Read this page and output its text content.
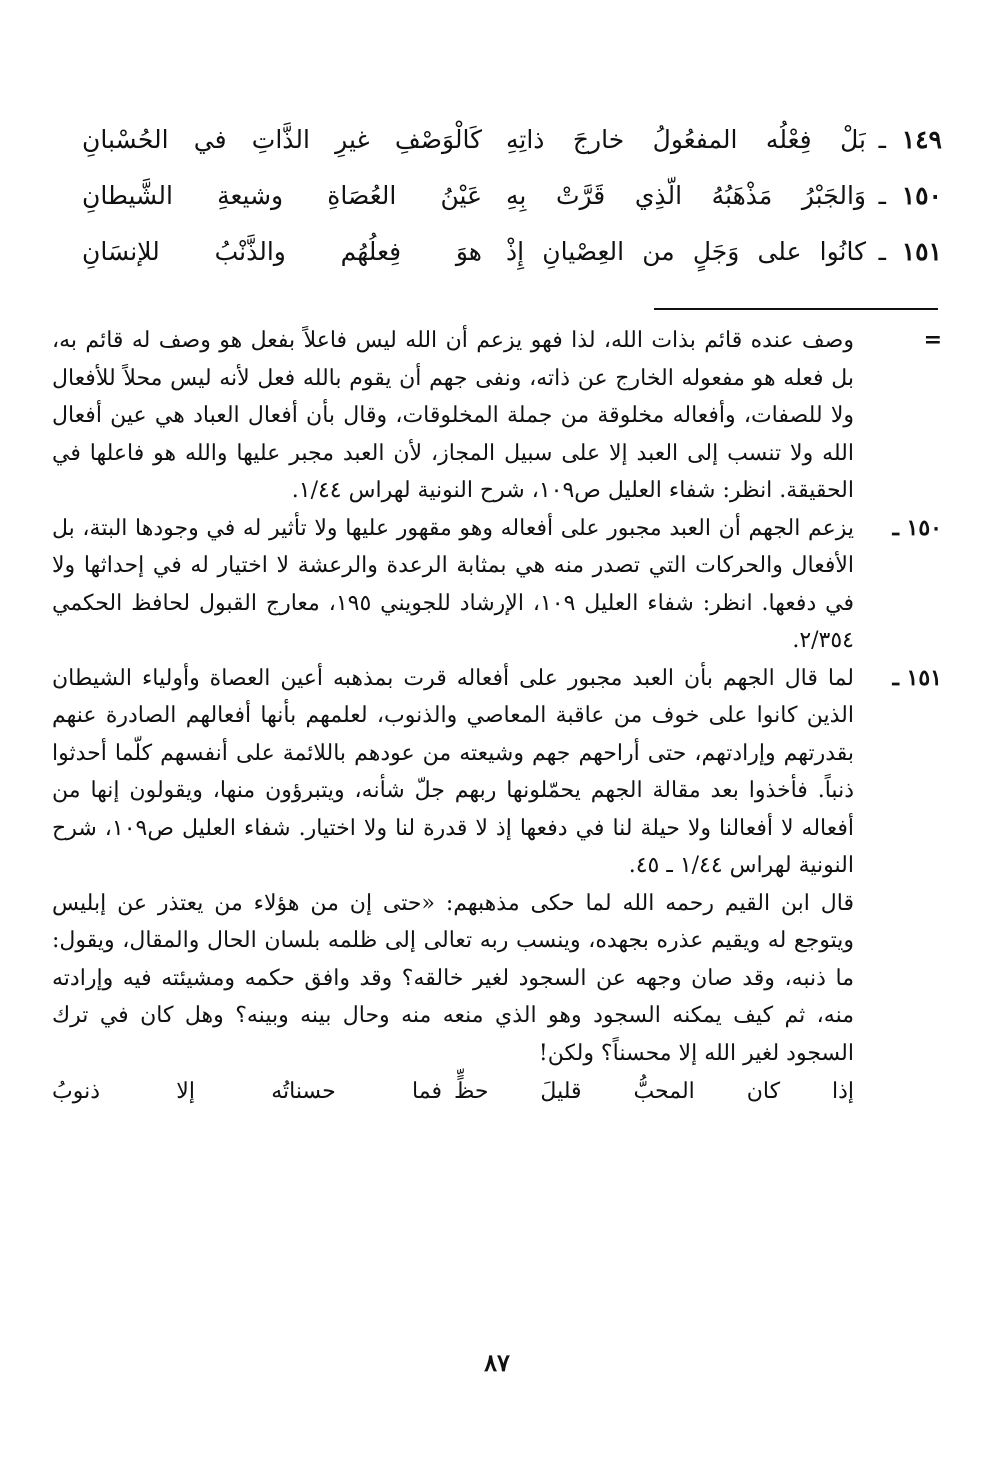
١٤٩
ـ
بَلْ فِعْلُه المفعُولُ خارجَ ذاتِهِ
كَالْوَصْفِ غيرِ الذَّاتِ في الحُسْبانِ
١٥٠
ـ
وَالجَبْرُ مَذْهَبُهُ الَّذِي قَرَّتْ بِهِ
عَيْنُ العُصَاةِ وشيعةِ الشَّيطانِ
١٥١
ـ
كانُوا على وَجَلٍ من العِصْيانِ إِذْ
هوَ فِعلُهُم والذَّنْبُ للإنسَانِ
=
وصف عنده قائم بذات الله، لذا فهو يزعم أن الله ليس فاعلاً بفعل هو وصف له قائم به، بل فعله هو مفعوله الخارج عن ذاته، ونفى جهم أن يقوم بالله فعل لأنه ليس محلاً للأفعال ولا للصفات، وأفعاله مخلوقة من جملة المخلوقات، وقال بأن أفعال العباد هي عين أفعال الله ولا تنسب إلى العبد إلا على سبيل المجاز، لأن العبد مجبر عليها والله هو فاعلها في الحقيقة. انظر: شفاء العليل ص١٠٩، شرح النونية لهراس ١/٤٤.
١٥٠ ـ
يزعم الجهم أن العبد مجبور على أفعاله وهو مقهور عليها ولا تأثير له في وجودها البتة، بل الأفعال والحركات التي تصدر منه هي بمثابة الرعدة والرعشة لا اختيار له في إحداثها ولا في دفعها. انظر: شفاء العليل ١٠٩، الإرشاد للجويني ١٩٥، معارج القبول لحافظ الحكمي ٢/٣٥٤.
١٥١ ـ
لما قال الجهم بأن العبد مجبور على أفعاله قرت بمذهبه أعين العصاة وأولياء الشيطان الذين كانوا على خوف من عاقبة المعاصي والذنوب، لعلمهم بأنها أفعالهم الصادرة عنهم بقدرتهم وإرادتهم، حتى أراحهم جهم وشيعته من عودهم باللائمة على أنفسهم كلّما أحدثوا ذنباً. فأخذوا بعد مقالة الجهم يحمّلونها ربهم جلّ شأنه، ويتبرؤون منها، ويقولون إنها من أفعاله لا أفعالنا ولا حيلة لنا في دفعها إذ لا قدرة لنا ولا اختيار. شفاء العليل ص١٠٩، شرح النونية لهراس ١/٤٤ ـ ٤٥.
قال ابن القيم رحمه الله لما حكى مذهبهم: «حتى إن من هؤلاء من يعتذر عن إبليس ويتوجع له ويقيم عذره بجهده، وينسب ربه تعالى إلى ظلمه بلسان الحال والمقال، ويقول: ما ذنبه، وقد صان وجهه عن السجود لغير خالقه؟ وقد وافق حكمه ومشيئته فيه وإرادته منه، ثم كيف يمكنه السجود وهو الذي منعه منه وحال بينه وبينه؟ وهل كان في ترك السجود لغير الله إلا محسناً؟ ولكن!
إذا كان المحبُّ قليلَ حظٍّ
فما حسناتُه إلا ذنوبُ
٨٧
